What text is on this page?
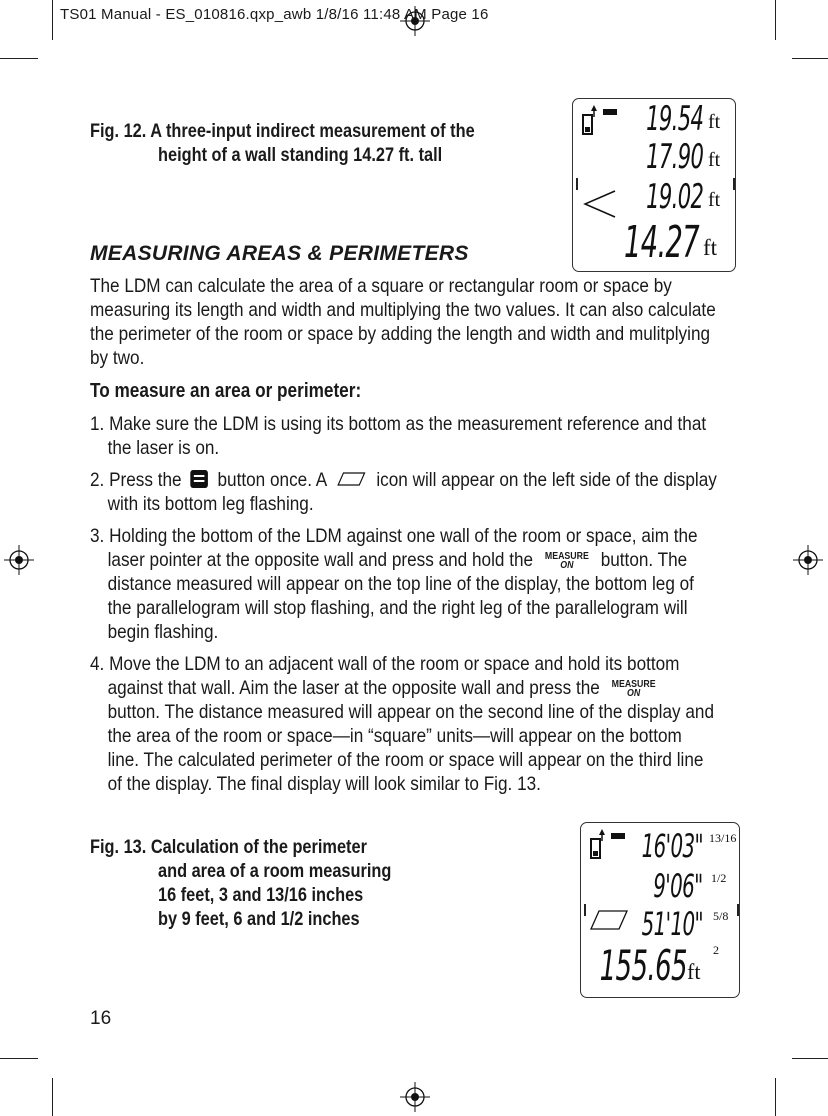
TS01 Manual - ES_010816.qxp_awb 1/8/16 11:48 AM Page 16
Fig. 12. A three-input indirect measurement of the
height of a wall standing 14.27 ft. tall
19.54 ft
17.90 ft
19.02 ft
14.27 ft
MEASURING AREAS & PERIMETERS
The LDM can calculate the area of a square or rectangular room or space by
measuring its length and width and multiplying the two values. It can also calculate
the perimeter of the room or space by adding the length and width and mulitplying
by two.
To measure an area or perimeter:
1. Make sure the LDM is using its bottom as the measurement reference and that
the laser is on.
2. Press the button once. A	icon will appear on the left side of the display
with its bottom leg flashing.
3. Holding the bottom of the LDM against one wall of the room or space, aim the
laser pointer at the opposite wall and press and hold the MEASURE
ON	button. The
distance measured will appear on the top line of the display, the bottom leg of
the parallelogram will stop flashing, and the right leg of the parallelogram will
begin flashing.
4. Move the LDM to an adjacent wall of the room or space and hold its bottom
against that wall. Aim the laser at the opposite wall and press the MEASURE
ON
button. The distance measured will appear on the second line of the display and
the area of the room or space—in “square” units—will appear on the bottom
line. The calculated perimeter of the room or space will appear on the third line
of the display. The final display will look similar to Fig. 13.
Fig. 13. Calculation of the perimeter
and area of a room measuring
16 feet, 3 and 13/16 inches
by 9 feet, 6 and 1/2 inches
16'03" 13/16
9'06" 1/2
51'10" 5/8
155.65 ft
2
16
